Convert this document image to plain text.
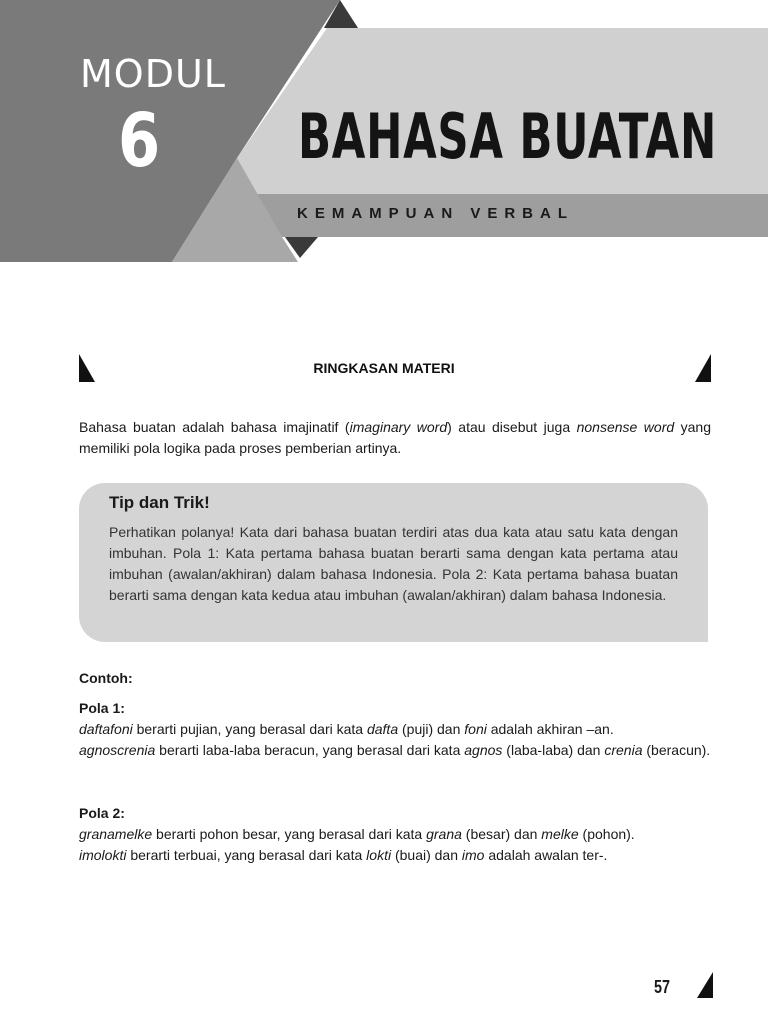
MODUL
6 BAHASA BUATAN
KEMAMPUAN VERBAL
RINGKASAN MATERI

Bahasa buatan adalah bahasa imajinatif (imaginary word) atau disebut juga nonsense word yang memiliki pola logika pada proses pemberian artinya.

Tip dan Trik!

Perhatikan polanya! Kata dari bahasa buatan terdiri atas dua kata atau satu kata dengan imbuhan. Pola 1: Kata pertama bahasa buatan berarti sama dengan kata pertama atau imbuhan (awalan/akhiran) dalam bahasa Indonesia. Pola 2: Kata pertama bahasa buatan berarti sama dengan kata kedua atau imbuhan (awalan/akhiran) dalam bahasa Indonesia.

Contoh:
Pola 1:
daftafoni berarti pujian, yang berasal dari kata dafta (puji) dan foni adalah akhiran –an.
agnoscrenia berarti laba-laba beracun, yang berasal dari kata agnos (laba-laba) dan crenia (beracun).
Pola 2:
granamelke berarti pohon besar, yang berasal dari kata grana (besar) dan melke (pohon).
imolokti berarti terbuai, yang berasal dari kata lokti (buai) dan imo adalah awalan ter-.
57
